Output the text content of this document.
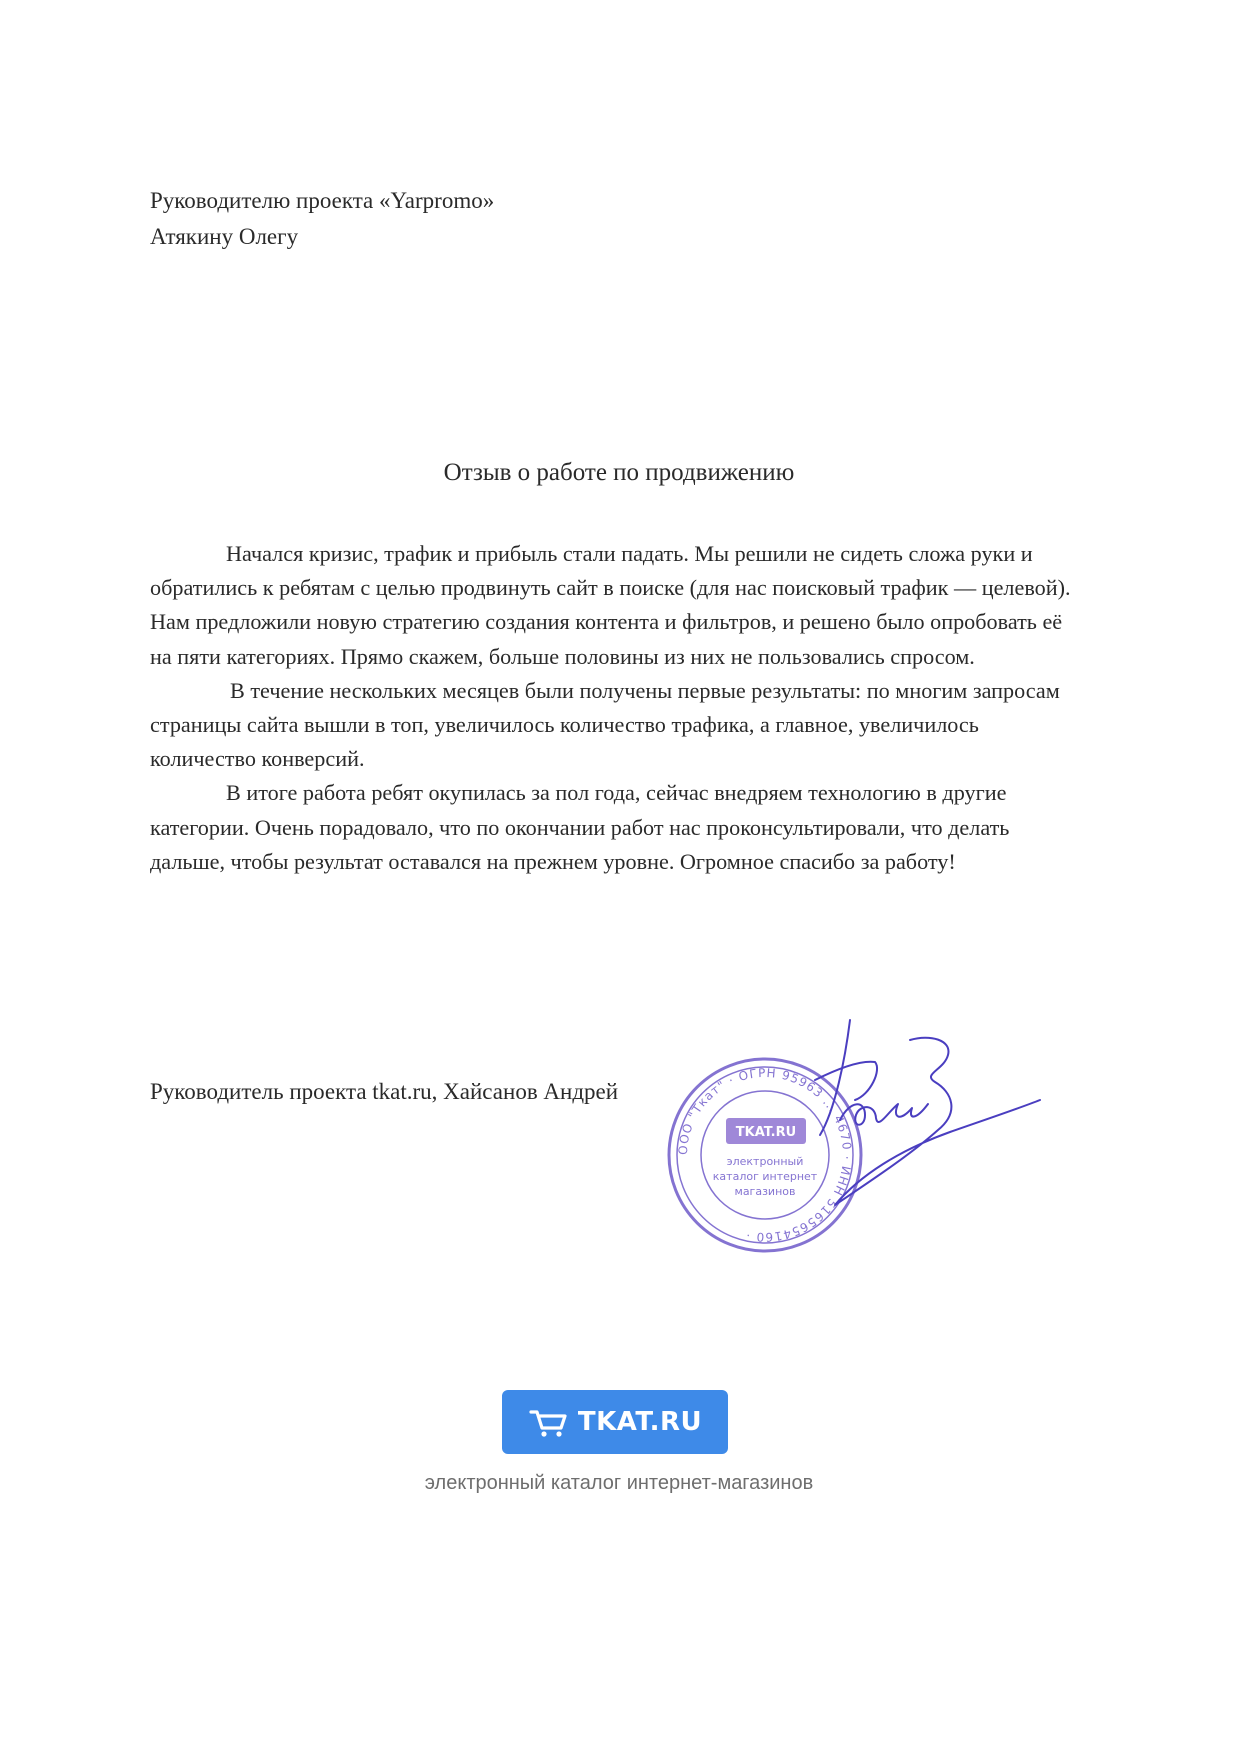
Руководителю проекта «Yarpromo»
Атякину Олегу
Отзыв о работе по продвижению

Начался кризис, трафик и прибыль стали падать. Мы решили не сидеть сложа руки и обратились к ребятам с целью продвинуть сайт в поиске (для нас поисковый трафик — целевой). Нам предложили новую стратегию создания контента и фильтров, и решено было опробовать её на пяти категориях. Прямо скажем, больше половины из них не пользовались спросом.

В течение нескольких месяцев были получены первые результаты: по многим запросам страницы сайта вышли в топ, увеличилось количество трафика, а главное, увеличилось количество конверсий.

В итоге работа ребят окупилась за пол года, сейчас внедряем технологию в другие категории. Очень порадовало, что по окончании работ нас проконсультировали, что делать дальше, чтобы результат оставался на прежнем уровне. Огромное спасибо за работу!

Руководитель проекта tkat.ru, Хайсанов Андрей
ООО "Ткат" · ОГРН 95963 ... 4670 · ИНН 5165654160 ·
TKAT.RU
электронный
каталог интернет
магазинов
TKAT.RU
электронный каталог интернет-магазинов
